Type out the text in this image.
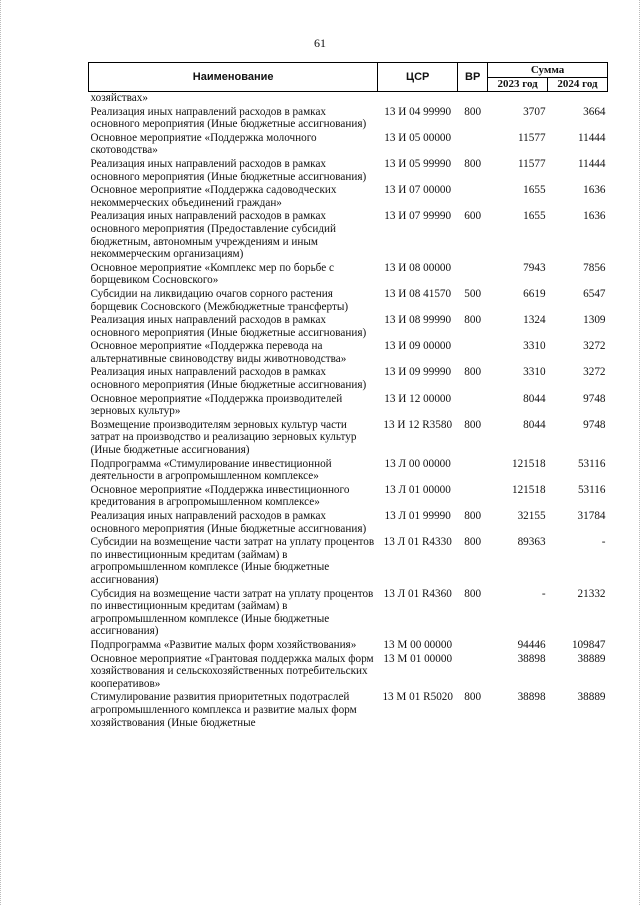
61
Наименование	ЦСР	ВР	Сумма	
			2023 год	2024 год
хозяйствах»				
Реализация иных направлений расходов в рамках основного мероприятия (Иные бюджетные ассигнования)	13 И 04 99990	800	3707	3664
Основное мероприятие «Поддержка молочного скотоводства»	13 И 05 00000		11577	11444
Реализация иных направлений расходов в рамках основного мероприятия (Иные бюджетные ассигнования)	13 И 05 99990	800	11577	11444
Основное мероприятие «Поддержка садоводческих некоммерческих объединений граждан»	13 И 07 00000		1655	1636
Реализация иных направлений расходов в рамках основного мероприятия (Предоставление субсидий бюджетным, автономным учреждениям и иным некоммерческим организациям)	13 И 07 99990	600	1655	1636
Основное мероприятие «Комплекс мер по борьбе с борщевиком Сосновского»	13 И 08 00000		7943	7856
Субсидии на ликвидацию очагов сорного растения борщевик Сосновского (Межбюджетные трансферты)	13 И 08 41570	500	6619	6547
Реализация иных направлений расходов в рамках основного мероприятия (Иные бюджетные ассигнования)	13 И 08 99990	800	1324	1309
Основное мероприятие «Поддержка перевода на альтернативные свиноводству виды животноводства»	13 И 09 00000		3310	3272
Реализация иных направлений расходов в рамках основного мероприятия (Иные бюджетные ассигнования)	13 И 09 99990	800	3310	3272
Основное мероприятие «Поддержка производителей зерновых культур»	13 И 12 00000		8044	9748
Возмещение производителям зерновых культур части затрат на производство и реализацию зерновых культур (Иные бюджетные ассигнования)	13 И 12 R3580	800	8044	9748
Подпрограмма «Стимулирование инвестиционной деятельности в агропромышленном комплексе»	13 Л 00 00000		121518	53116
Основное мероприятие «Поддержка инвестиционного кредитования в агропромышленном комплексе»	13 Л 01 00000		121518	53116
Реализация иных направлений расходов в рамках основного мероприятия (Иные бюджетные ассигнования)	13 Л 01 99990	800	32155	31784
Субсидии на возмещение части затрат на уплату процентов по инвестиционным кредитам (займам) в агропромышленном комплексе (Иные бюджетные ассигнования)	13 Л 01 R4330	800	89363	-
Субсидия на возмещение части затрат на уплату процентов по инвестиционным кредитам (займам) в агропромышленном комплексе (Иные бюджетные ассигнования)	13 Л 01 R4360	800	-	21332
Подпрограмма «Развитие малых форм хозяйствования»	13 М 00 00000		94446	109847
Основное мероприятие «Грантовая поддержка малых форм хозяйствования и сельскохозяйственных потребительских кооперативов»	13 М 01 00000		38898	38889
Стимулирование развития приоритетных подотраслей агропромышленного комплекса и развитие малых форм хозяйствования (Иные бюджетные	13 М 01 R5020	800	38898	38889
